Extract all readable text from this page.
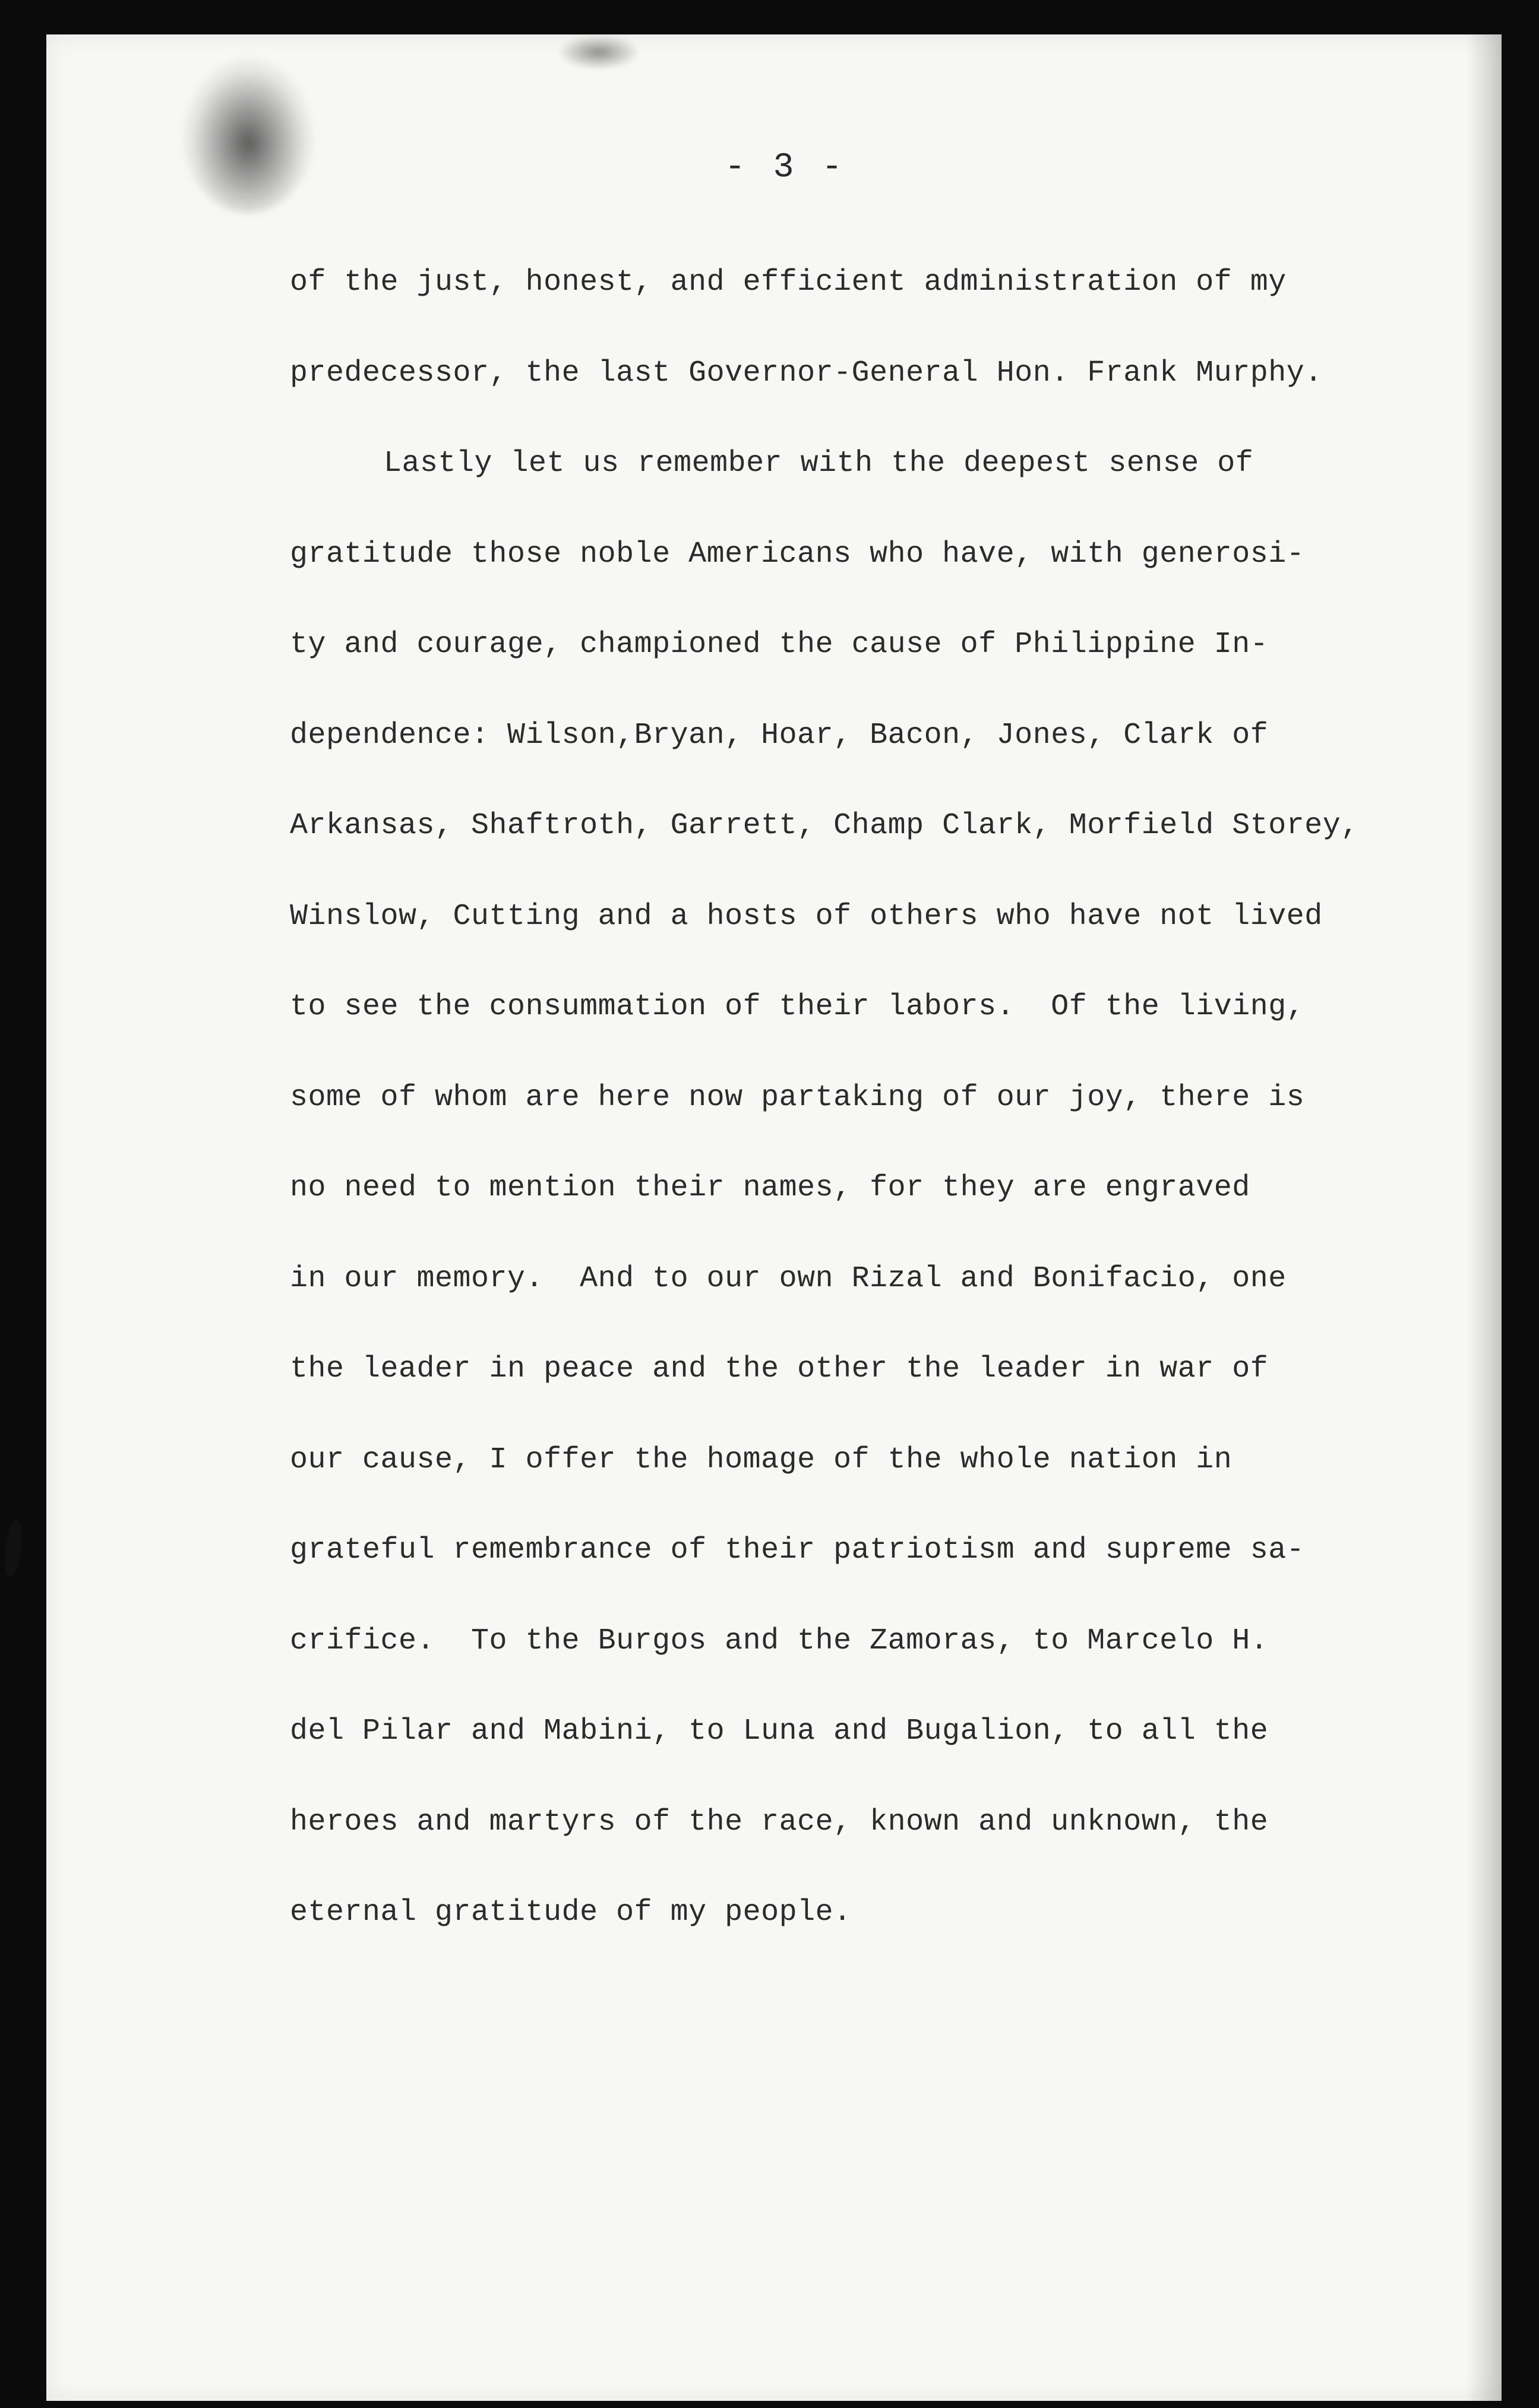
- 3 -
of the just, honest, and efficient administration of my
predecessor, the last Governor-General Hon. Frank Murphy.
Lastly let us remember with the deepest sense of
gratitude those noble Americans who have, with generosi-
ty and courage, championed the cause of Philippine In-
dependence: Wilson,Bryan, Hoar, Bacon, Jones, Clark of
Arkansas, Shaftroth, Garrett, Champ Clark, Morfield Storey,
Winslow, Cutting and a hosts of others who have not lived
to see the consummation of their labors.  Of the living,
some of whom are here now partaking of our joy, there is
no need to mention their names, for they are engraved
in our memory.  And to our own Rizal and Bonifacio, one
the leader in peace and the other the leader in war of
our cause, I offer the homage of the whole nation in
grateful remembrance of their patriotism and supreme sa-
crifice.  To the Burgos and the Zamoras, to Marcelo H.
del Pilar and Mabini, to Luna and Bugalion, to all the
heroes and martyrs of the race, known and unknown, the
eternal gratitude of my people.
